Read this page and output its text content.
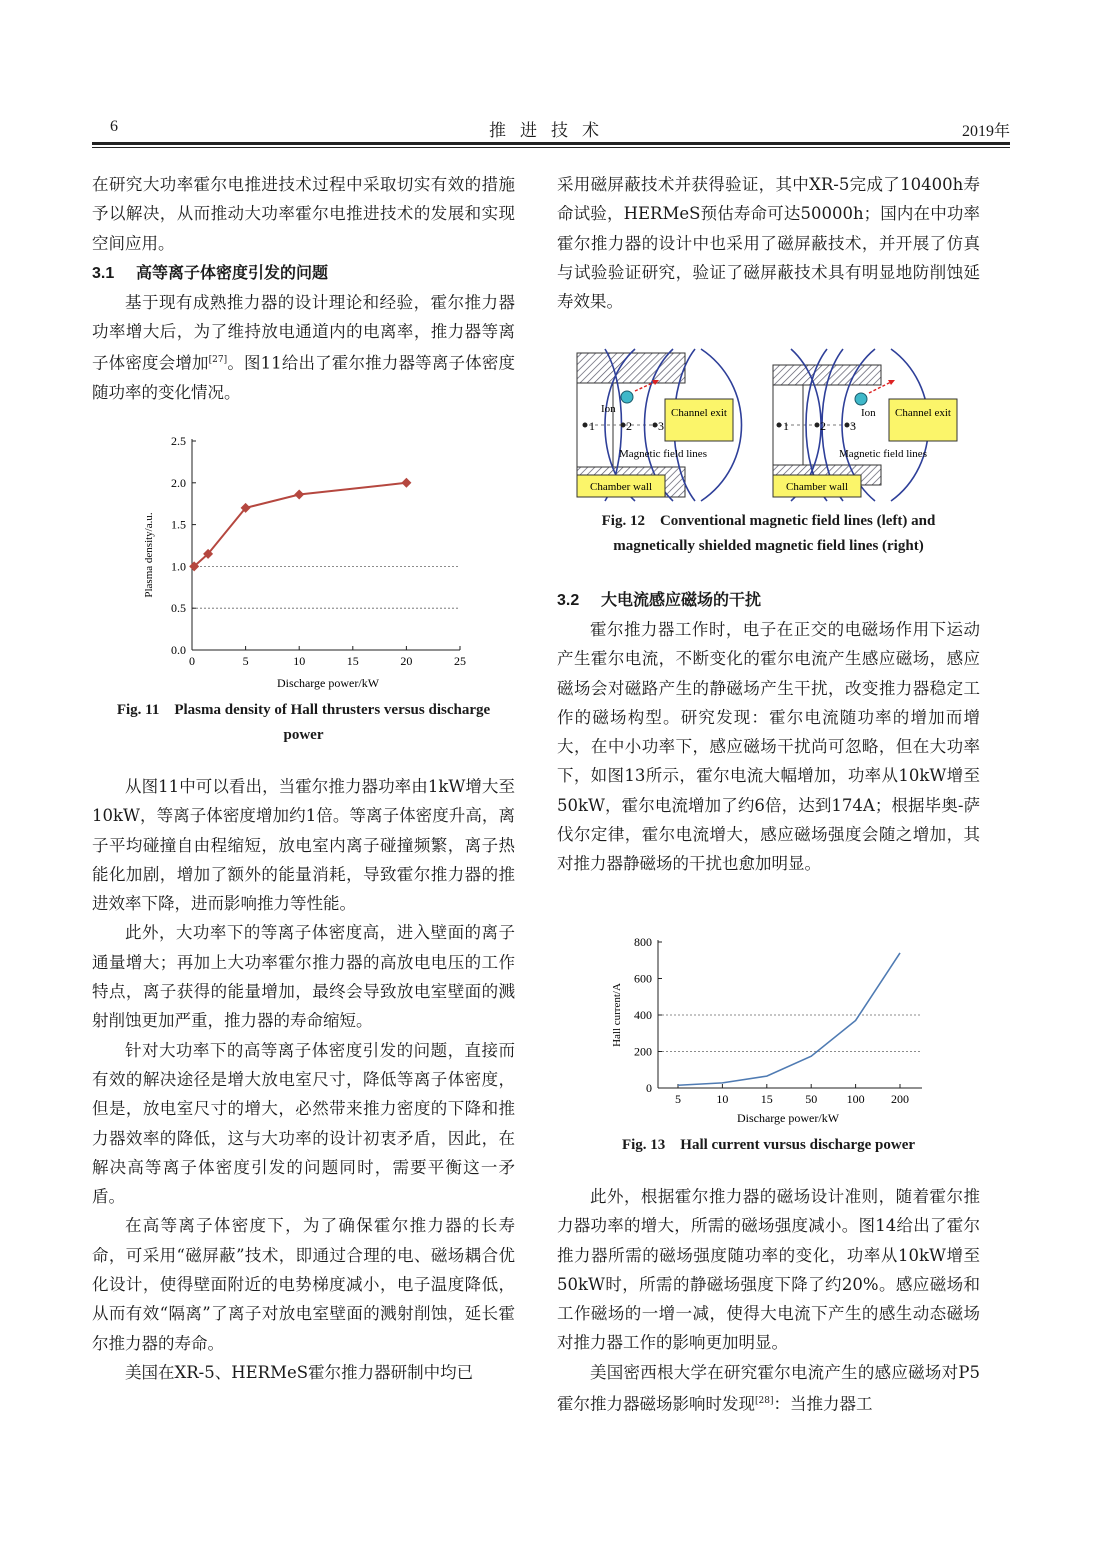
6	推进技术	2019年

在研究大功率霍尔电推进技术过程中采取切实有效的措施予以解决，从而推动大功率霍尔电推进技术的发展和实现空间应用。

3.1 高等离子体密度引发的问题

基于现有成熟推力器的设计理论和经验，霍尔推力器功率增大后，为了维持放电通道内的电离率，推力器等离子体密度会增加[27]。图11给出了霍尔推力器等离子体密度随功率的变化情况。

Plasma density/a.u.
Discharge power/kW
0.0
0.5
1.0
1.5
2.0
2.5
0	5	10	15	20	25
Fig. 11　Plasma density of Hall thrusters versus discharge
power

从图11中可以看出，当霍尔推力器功率由1kW增大至10kW，等离子体密度增加约1倍。等离子体密度升高，离子平均碰撞自由程缩短，放电室内离子碰撞频繁，离子热能化加剧，增加了额外的能量消耗，导致霍尔推力器的推进效率下降，进而影响推力等性能。

此外，大功率下的等离子体密度高，进入壁面的离子通量增大；再加上大功率霍尔推力器的高放电电压的工作特点，离子获得的能量增加，最终会导致放电室壁面的溅射削蚀更加严重，推力器的寿命缩短。

针对大功率下的高等离子体密度引发的问题，直接而有效的解决途径是增大放电室尺寸，降低等离子体密度，但是，放电室尺寸的增大，必然带来推力密度的下降和推力器效率的降低，这与大功率的设计初衷矛盾，因此，在解决高等离子体密度引发的问题同时，需要平衡这一矛盾。

在高等离子体密度下，为了确保霍尔推力器的长寿命，可采用“磁屏蔽”技术，即通过合理的电、磁场耦合优化设计，使得壁面附近的电势梯度减小，电子温度降低，从而有效“隔离”了离子对放电室壁面的溅射削蚀，延长霍尔推力器的寿命。

美国在XR-5、HERMeS霍尔推力器研制中均已

采用磁屏蔽技术并获得验证，其中XR-5完成了10400h寿命试验，HERMeS预估寿命可达50000h；国内在中功率霍尔推力器的设计中也采用了磁屏蔽技术，并开展了仿真与试验验证研究，验证了磁屏蔽技术具有明显地防削蚀延寿效果。

1	2 3
Ion	Channel exit
Magnetic field lines
Chamber wall
1	2 3
Ion Channel exit
Magnetic field lines
Chamber wall
Fig. 12　Conventional magnetic field lines (left) and
magnetically shielded magnetic field lines (right)

3.2 大电流感应磁场的干扰

霍尔推力器工作时，电子在正交的电磁场作用下运动产生霍尔电流，不断变化的霍尔电流产生感应磁场，感应磁场会对磁路产生的静磁场产生干扰，改变推力器稳定工作的磁场构型。研究发现：霍尔电流随功率的增加而增大，在中小功率下，感应磁场干扰尚可忽略，但在大功率下，如图13所示，霍尔电流大幅增加，功率从10kW增至50kW，霍尔电流增加了约6倍，达到174A；根据毕奥-萨伐尔定律，霍尔电流增大，感应磁场强度会随之增加，其对推力器静磁场的干扰也愈加明显。

Hall current/A
Discharge power/kW
0
200
400
600
800
5	10	15	50 100 200
Fig. 13　Hall current vursus discharge power

此外，根据霍尔推力器的磁场设计准则，随着霍尔推力器功率的增大，所需的磁场强度减小。图14给出了霍尔推力器所需的磁场强度随功率的变化，功率从10kW增至50kW时，所需的静磁场强度下降了约20%。感应磁场和工作磁场的一增一减，使得大电流下产生的感生动态磁场对推力器工作的影响更加明显。

美国密西根大学在研究霍尔电流产生的感应磁场对P5霍尔推力器磁场影响时发现[28]：当推力器工
